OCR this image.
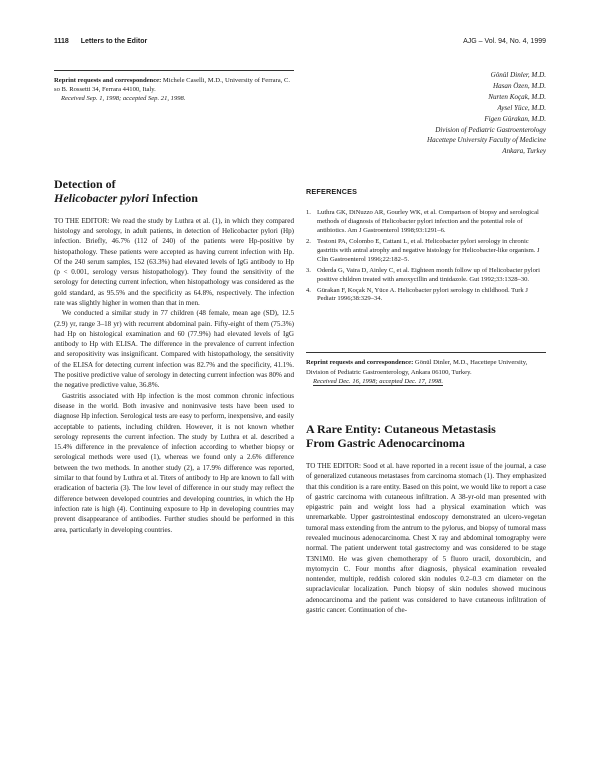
1118 Letters to the Editor	AJG – Vol. 94, No. 4, 1999
Reprint requests and correspondence: Michele Caselli, M.D., University of Ferrara, C. so B. Rossetti 34, Ferrara 44100, Italy.
Received Sep. 1, 1998; accepted Sep. 21, 1998.
Detection of
Helicobacter pylori Infection

TO THE EDITOR: We read the study by Luthra et al. (1), in which they compared histology and serology, in adult patients, in detection of Helicobacter pylori (Hp) infection. Briefly, 46.7% (112 of 240) of the patients were Hp-positive by histopathology. These patients were accepted as having current infection with Hp. Of the 240 serum samples, 152 (63.3%) had elevated levels of IgG antibody to Hp (p < 0.001, serology versus histopathology). They found the sensitivity of the serology for detecting current infection, when histopathology was considered as the gold standard, as 95.5% and the specificity as 64.8%, respectively. The infection rate was slightly higher in women than that in men.

We conducted a similar study in 77 children (48 female, mean age (SD), 12.5 (2.9) yr, range 3–18 yr) with recurrent abdominal pain. Fifty-eight of them (75.3%) had Hp on histological examination and 60 (77.9%) had elevated levels of IgG antibody to Hp with ELISA. The difference in the prevalence of current infection and seropositivity was insignificant. Compared with histopathology, the sensitivity of the ELISA for detecting current infection was 82.7% and the specificity, 41.1%. The positive predictive value of serology in detecting current infection was 80% and the negative predictive value, 36.8%.

Gastritis associated with Hp infection is the most common chronic infectious disease in the world. Both invasive and noninvasive tests have been used to diagnose Hp infection. Serological tests are easy to perform, inexpensive, and easily acceptable to patients, including children. However, it is not known whether serology represents the current infection. The study by Luthra et al. described a 15.4% difference in the prevalence of infection according to whether biopsy or serological methods were used (1), whereas we found only a 2.6% difference between the two methods. In another study (2), a 17.9% difference was reported, similar to that found by Luthra et al. Titers of antibody to Hp are known to fall with eradication of bacteria (3). The low level of difference in our study may reflect the difference between developed countries and developing countries, in which the Hp infection rate is high (4). Continuing exposure to Hp in developing countries may prevent disappearance of antibodies. Further studies should be performed in this area, particularly in developing countries.

Gönül Dinler, M.D.
Hasan Özen, M.D.
Nurten Koçak, M.D.
Aysel Yüce, M.D.
Figen Gürakan, M.D.
Division of Pediatric Gastroenterology
Hacettepe University Faculty of Medicine
Ankara, Turkey
REFERENCES
1. Luthra GK, DiNuzzo AR, Gourley WK, et al. Comparison of biopsy and serological methods of diagnosis of Helicobacter pylori infection and the potential role of antibiotics. Am J Gastroenterol 1998;93:1291–6.
2. Testoni PA, Colombo E, Cattani L, et al. Helicobacter pylori serology in chronic gastritis with antral atrophy and negative histology for Helicobacter-like organism. J Clin Gastroenterol 1996;22:182–5.
3. Oderda G, Vaira D, Ainley C, et al. Eighteen month follow up of Helicobacter pylori positive children treated with amoxycillin and tinidazole. Gut 1992;33:1328–30.
4. Gürakan F, Koçak N, Yüce A. Helicobacter pylori serology in childhood. Turk J Pediatr 1996;38:329–34.
Reprint requests and correspondence: Gönül Dinler, M.D., Hacettepe University, Division of Pediatric Gastroenterology, Ankara 06100, Turkey.
Received Dec. 16, 1998; accepted Dec. 17, 1998.
A Rare Entity: Cutaneous Metastasis
From Gastric Adenocarcinoma

TO THE EDITOR: Sood et al. have reported in a recent issue of the journal, a case of generalized cutaneous metastases from carcinoma stomach (1). They emphasized that this condition is a rare entity. Based on this point, we would like to report a case of gastric carcinoma with cutaneous infiltration. A 38-yr-old man presented with epigastric pain and weight loss had a physical examination which was unremarkable. Upper gastrointestinal endoscopy demonstrated an ulcero-vegetan tumoral mass extending from the antrum to the pylorus, and biopsy of tumoral mass revealed mucinous adenocarcinoma. Chest X ray and abdominal tomography were normal. The patient underwent total gastrectomy and was considered to be stage T3N1M0. He was given chemotherapy of 5 fluoro uracil, doxorubicin, and mytomycin C. Four months after diagnosis, physical examination revealed nontender, multiple, reddish colored skin nodules 0.2–0.3 cm diameter on the supraclavicular localization. Punch biopsy of skin nodules showed mucinous adenocarcinoma and the patient was considered to have cutaneous infiltration of gastric cancer. Continuation of che-
